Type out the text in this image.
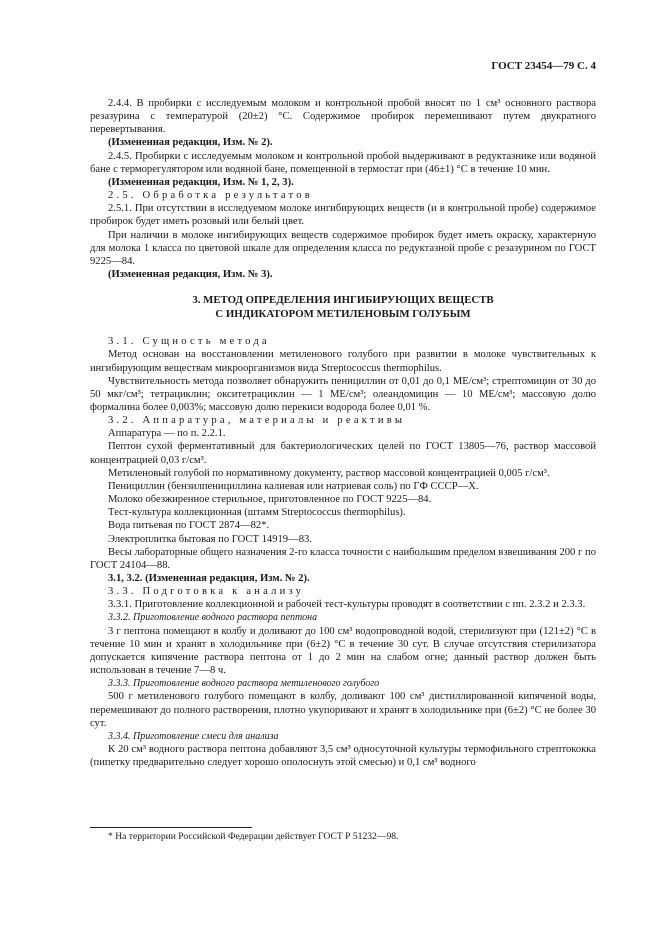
ГОСТ 23454—79 С. 4

2.4.4. В пробирки с исследуемым молоком и контрольной пробой вносят по 1 см³ основного раствора резазурина с температурой (20±2) °С. Содержимое пробирок перемешивают путем двукратного перевертывания.

(Измененная редакция, Изм. № 2).

2.4.5. Пробирки с исследуемым молоком и контрольной пробой выдерживают в редуктазнике или водяной бане с терморегулятором или водяной бане, помещенной в термостат при (46±1) °С в течение 10 мин.

(Измененная редакция, Изм. № 1, 2, 3).

2.5. Обработка результатов

2.5.1. При отсутствии в исследуемом молоке ингибирующих веществ (и в контрольной пробе) содержимое пробирок будет иметь розовый или белый цвет.

При наличии в молоке ингибирующих веществ содержимое пробирок будет иметь окраску, характерную для молока 1 класса по цветовой шкале для определения класса по редуктазной пробе с резазурином по ГОСТ 9225—84.

(Измененная редакция, Изм. № 3).

3. МЕТОД ОПРЕДЕЛЕНИЯ ИНГИБИРУЮЩИХ ВЕЩЕСТВ
С ИНДИКАТОРОМ МЕТИЛЕНОВЫМ ГОЛУБЫМ

3.1. Сущность метода

Метод основан на восстановлении метиленового голубого при развитии в молоке чувствительных к ингибирующим веществам микроорганизмов вида Streptococcus thermophilus.

Чувствительность метода позволяет обнаружить пенициллин от 0,01 до 0,1 МЕ/см³; стрептомицин от 30 до 50 мкг/см³; тетрациклин; окситетрациклин — 1 МЕ/см³; олеандомицин — 10 МЕ/см³; массовую долю формалина более 0,003%; массовую долю перекиси водорода более 0,01 %.

3.2. Аппаратура, материалы и реактивы

Аппаратура — по п. 2.2.1.

Пептон сухой ферментативный для бактериологических целей по ГОСТ 13805—76, раствор массовой концентрацией 0,03 г/см³.

Метиленовый голубой по нормативному документу, раствор массовой концентрацией 0,005 г/см³.

Пенициллин (бензилпенициллина калиевая или натриевая соль) по ГФ СССР—Х.

Молоко обезжиренное стерильное, приготовленное по ГОСТ 9225—84.

Тест-культура коллекционная (штамм Streptococcus thermophilus).

Вода питьевая по ГОСТ 2874—82*.

Электроплитка бытовая по ГОСТ 14919—83.

Весы лабораторные общего назначения 2-го класса точности с наибольшим пределом взвешивания 200 г по ГОСТ 24104—88.

3.1, 3.2. (Измененная редакция, Изм. № 2).

3.3. Подготовка к анализу

3.3.1. Приготовление коллекционной и рабочей тест-культуры проводят в соответствии с пп. 2.3.2 и 2.3.3.

3.3.2. Приготовление водного раствора пептона

3 г пептона помещают в колбу и доливают до 100 см³ водопроводной водой, стерилизуют при (121±2) °С в течение 10 мин и хранят в холодильнике при (6±2) °С в течение 30 сут. В случае отсутствия стерилизатора допускается кипячение раствора пептона от 1 до 2 мин на слабом огне; данный раствор должен быть использован в течение 7—8 ч.

3.3.3. Приготовление водного раствора метиленового голубого

500 г метиленового голубого помещают в колбу, доливают 100 см³ дистиллированной кипяченой воды, перемешивают до полного растворения, плотно укупоривают и хранят в холодильнике при (6±2) °С не более 30 сут.

3.3.4. Приготовление смеси для анализа

К 20 см³ водного раствора пептона добавляют 3,5 см³ односуточной культуры термофильного стрептококка (пипетку предварительно следует хорошо ополоснуть этой смесью) и 0,1 см³ водного

* На территории Российской Федерации действует ГОСТ Р 51232—98.
